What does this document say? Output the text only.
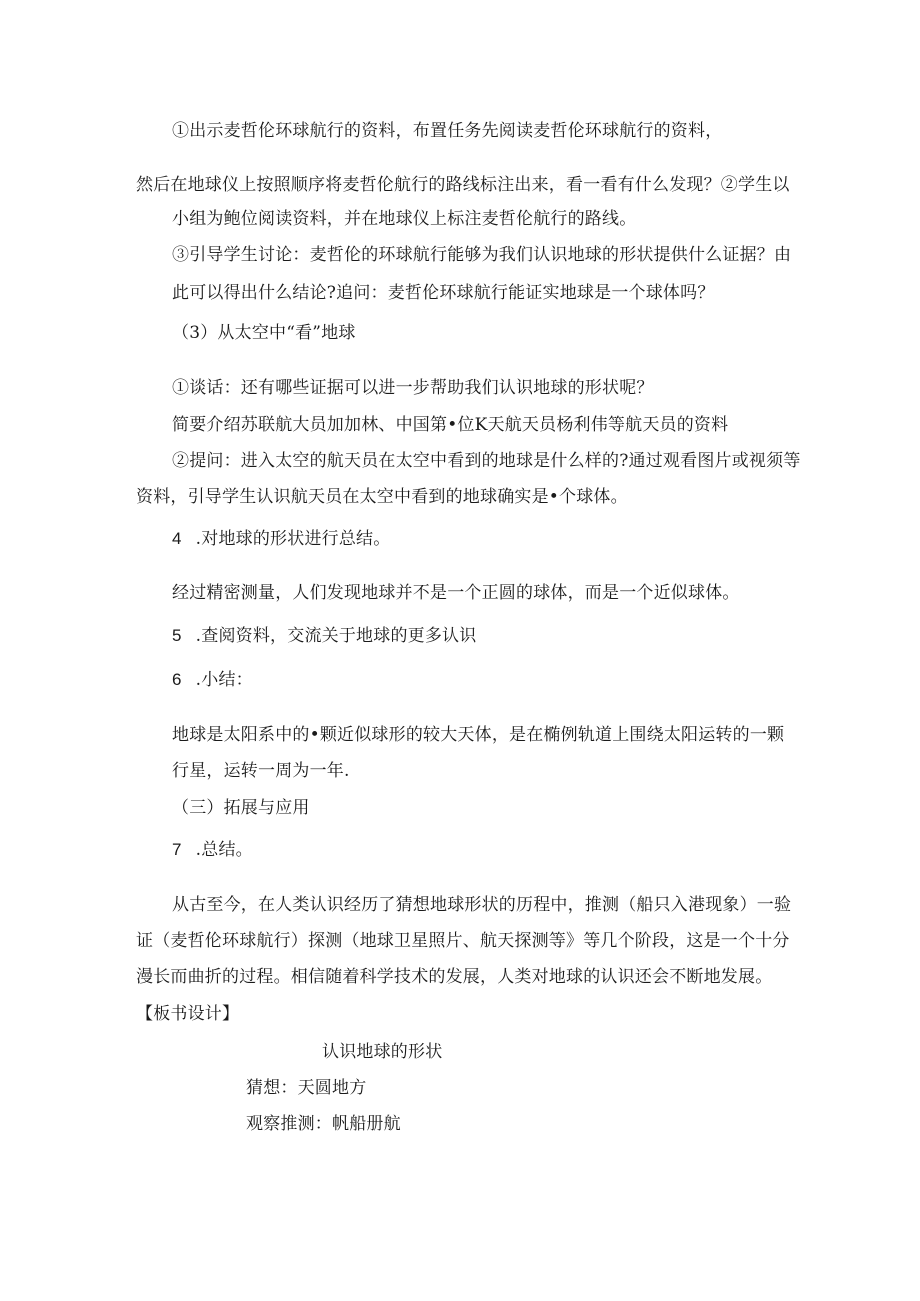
①出示麦哲伦环球航行的资料，布置任务先阅读麦哲伦环球航行的资料，
然后在地球仪上按照顺序将麦哲伦航行的路线标注出来，看一看有什么发现？②学生以
小组为鲍位阅读资料，并在地球仪上标注麦哲伦航行的路线。
③引导学生讨论：麦哲伦的环球航行能够为我们认识地球的形状提供什么证据？由
此可以得出什么结论?追问：麦哲伦环球航行能证实地球是一个球体吗？
（3）从太空中“看”地球
①谈话：还有哪些证据可以进一步帮助我们认识地球的形状呢？
简要介绍苏联航大员加加林、中国第•位K天航天员杨利伟等航天员的资料
②提问：进入太空的航天员在太空中看到的地球是什么样的?通过观看图片或视须等
资料，引导学生认识航天员在太空中看到的地球确实是•个球体。
4 .对地球的形状进行总结。
经过精密测量，人们发现地球并不是一个正圆的球体，而是一个近似球体。
5 .查阅资料，交流关于地球的更多认识
6 .小结：
地球是太阳系中的•颗近似球形的较大天体，是在椭例轨道上围绕太阳运转的一颗
行星，运转一周为一年.
（三）拓展与应用
7 .总结。
从古至今，在人类认识经历了猜想地球形状的历程中，推测（船只入港现象）一验
证（麦哲伦环球航行）探测（地球卫星照片、航天探测等》等几个阶段，这是一个十分
漫长而曲折的过程。相信随着科学技术的发展，人类对地球的认识还会不断地发展。
【板书设计】
认识地球的形状
猜想：天圆地方
观察推测：帆船册航
